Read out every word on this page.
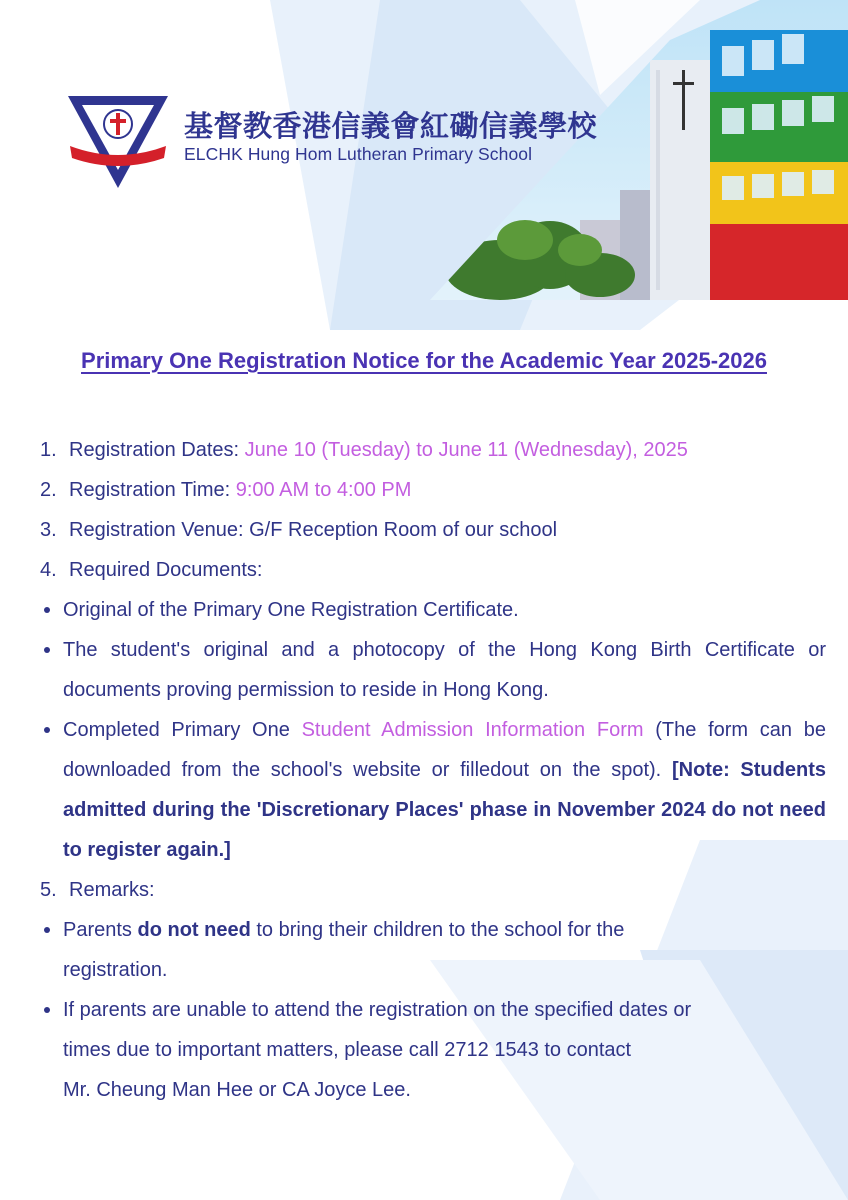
基督教香港信義會紅磡信義學校
ELCHK Hung Hom Lutheran Primary School
Primary One Registration Notice for the Academic Year 2025-2026
1. Registration Dates: June 10 (Tuesday) to June 11 (Wednesday), 2025
2. Registration Time: 9:00 AM to 4:00 PM
3. Registration Venue: G/F Reception Room of our school
4. Required Documents:
Original of the Primary One Registration Certificate.
The student's original and a photocopy of the Hong Kong Birth Certificate or documents proving permission to reside in Hong Kong.
Completed Primary One Student Admission Information Form (The form can be downloaded from the school's website or filledout on the spot). [Note: Students admitted during the 'Discretionary Places' phase in November 2024 do not need to register again.]
5. Remarks:
Parents do not need to bring their children to the school for the
registration.
If parents are unable to attend the registration on the specified dates or
times due to important matters, please call 2712 1543 to contact
Mr. Cheung Man Hee or CA Joyce Lee.
